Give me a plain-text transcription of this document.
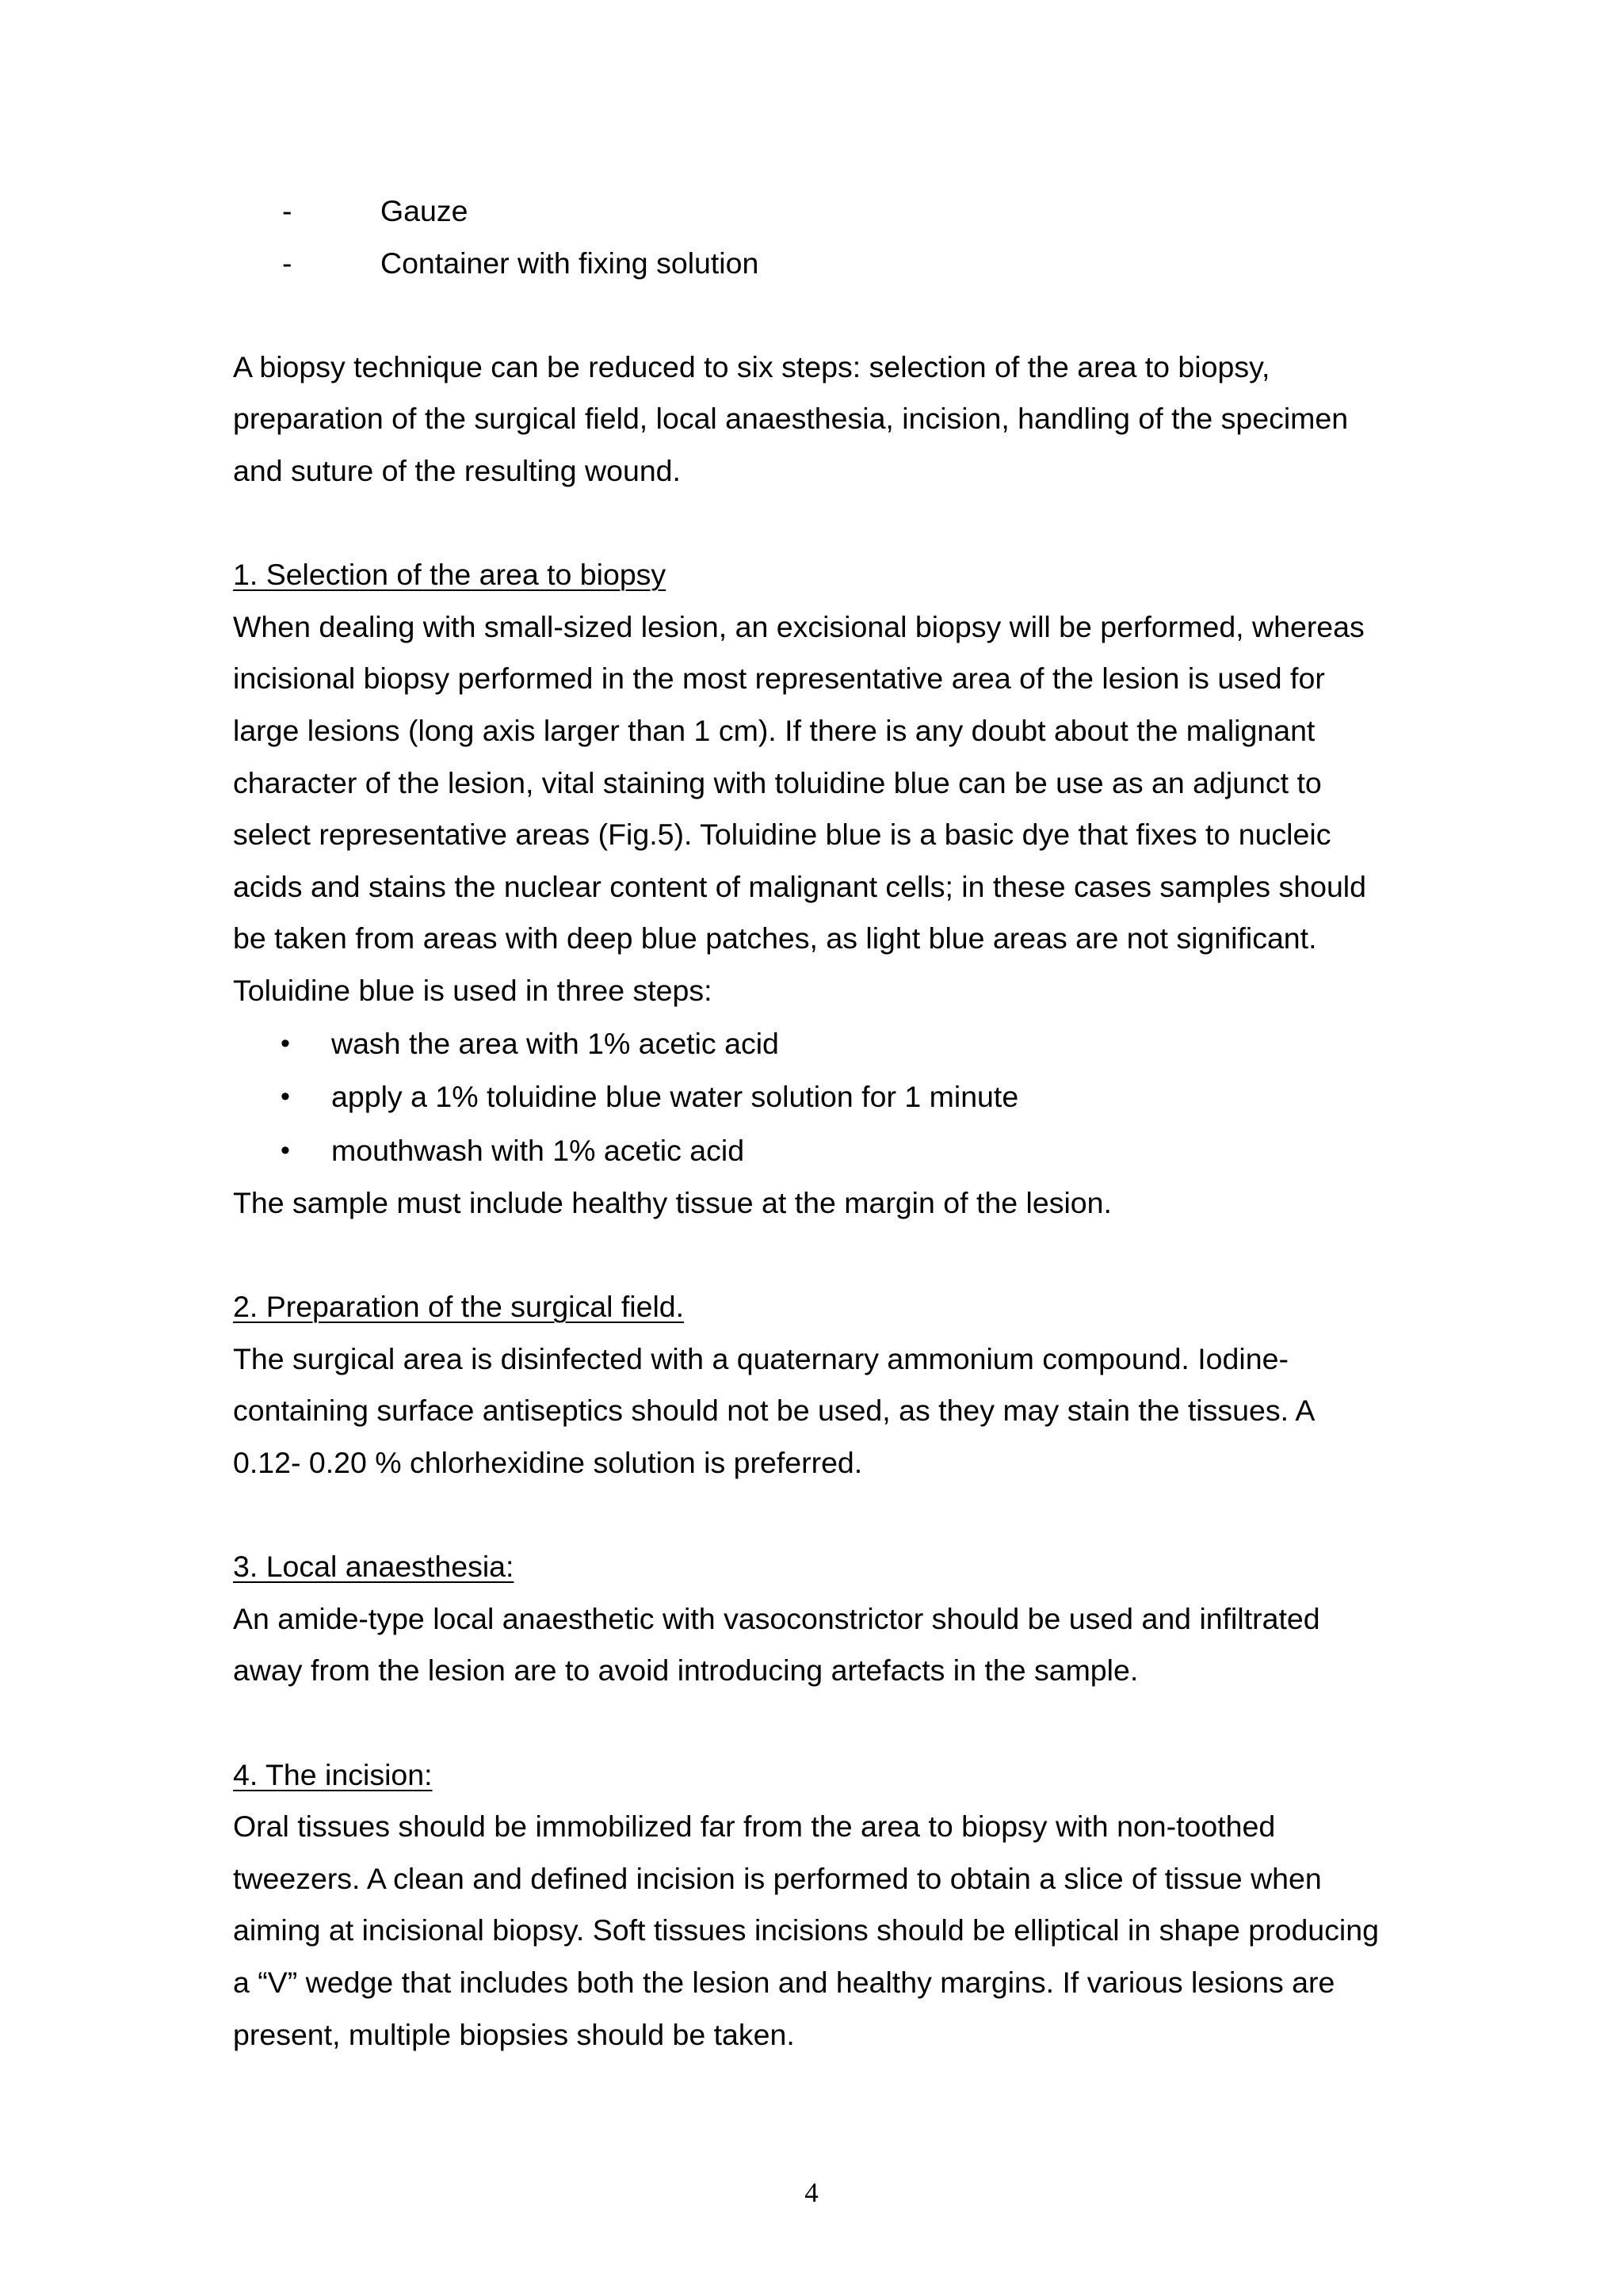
-	Gauze
-	Container with fixing solution

A biopsy technique can be reduced to six steps: selection of the area to biopsy,

preparation of the surgical field, local anaesthesia, incision, handling of the specimen

and suture of the resulting wound.

1. Selection of the area to biopsy

When dealing with small-sized lesion, an excisional biopsy will be performed, whereas

incisional biopsy performed in the most representative area of the lesion is used for

large lesions (long axis larger than 1 cm). If there is any doubt about the malignant

character of the lesion, vital staining with toluidine blue can be use as an adjunct to

select representative areas (Fig.5). Toluidine blue is a basic dye that fixes to nucleic

acids and stains the nuclear content of malignant cells; in these cases samples should

be taken from areas with deep blue patches, as light blue areas are not significant.

Toluidine blue is used in three steps:

•	wash the area with 1% acetic acid
•	apply a 1% toluidine blue water solution for 1 minute
•	mouthwash with 1% acetic acid

The sample must include healthy tissue at the margin of the lesion.

2. Preparation of the surgical field.

The surgical area is disinfected with a quaternary ammonium compound. Iodine-

containing surface antiseptics should not be used, as they may stain the tissues. A

0.12- 0.20 % chlorhexidine solution is preferred.

3. Local anaesthesia:

An amide-type local anaesthetic with vasoconstrictor should be used and infiltrated

away from the lesion are to avoid introducing artefacts in the sample.

4. The incision:

Oral tissues should be immobilized far from the area to biopsy with non-toothed

tweezers. A clean and defined incision is performed to obtain a slice of tissue when

aiming at incisional biopsy. Soft tissues incisions should be elliptical in shape producing

a “V” wedge that includes both the lesion and healthy margins. If various lesions are

present, multiple biopsies should be taken.

4
